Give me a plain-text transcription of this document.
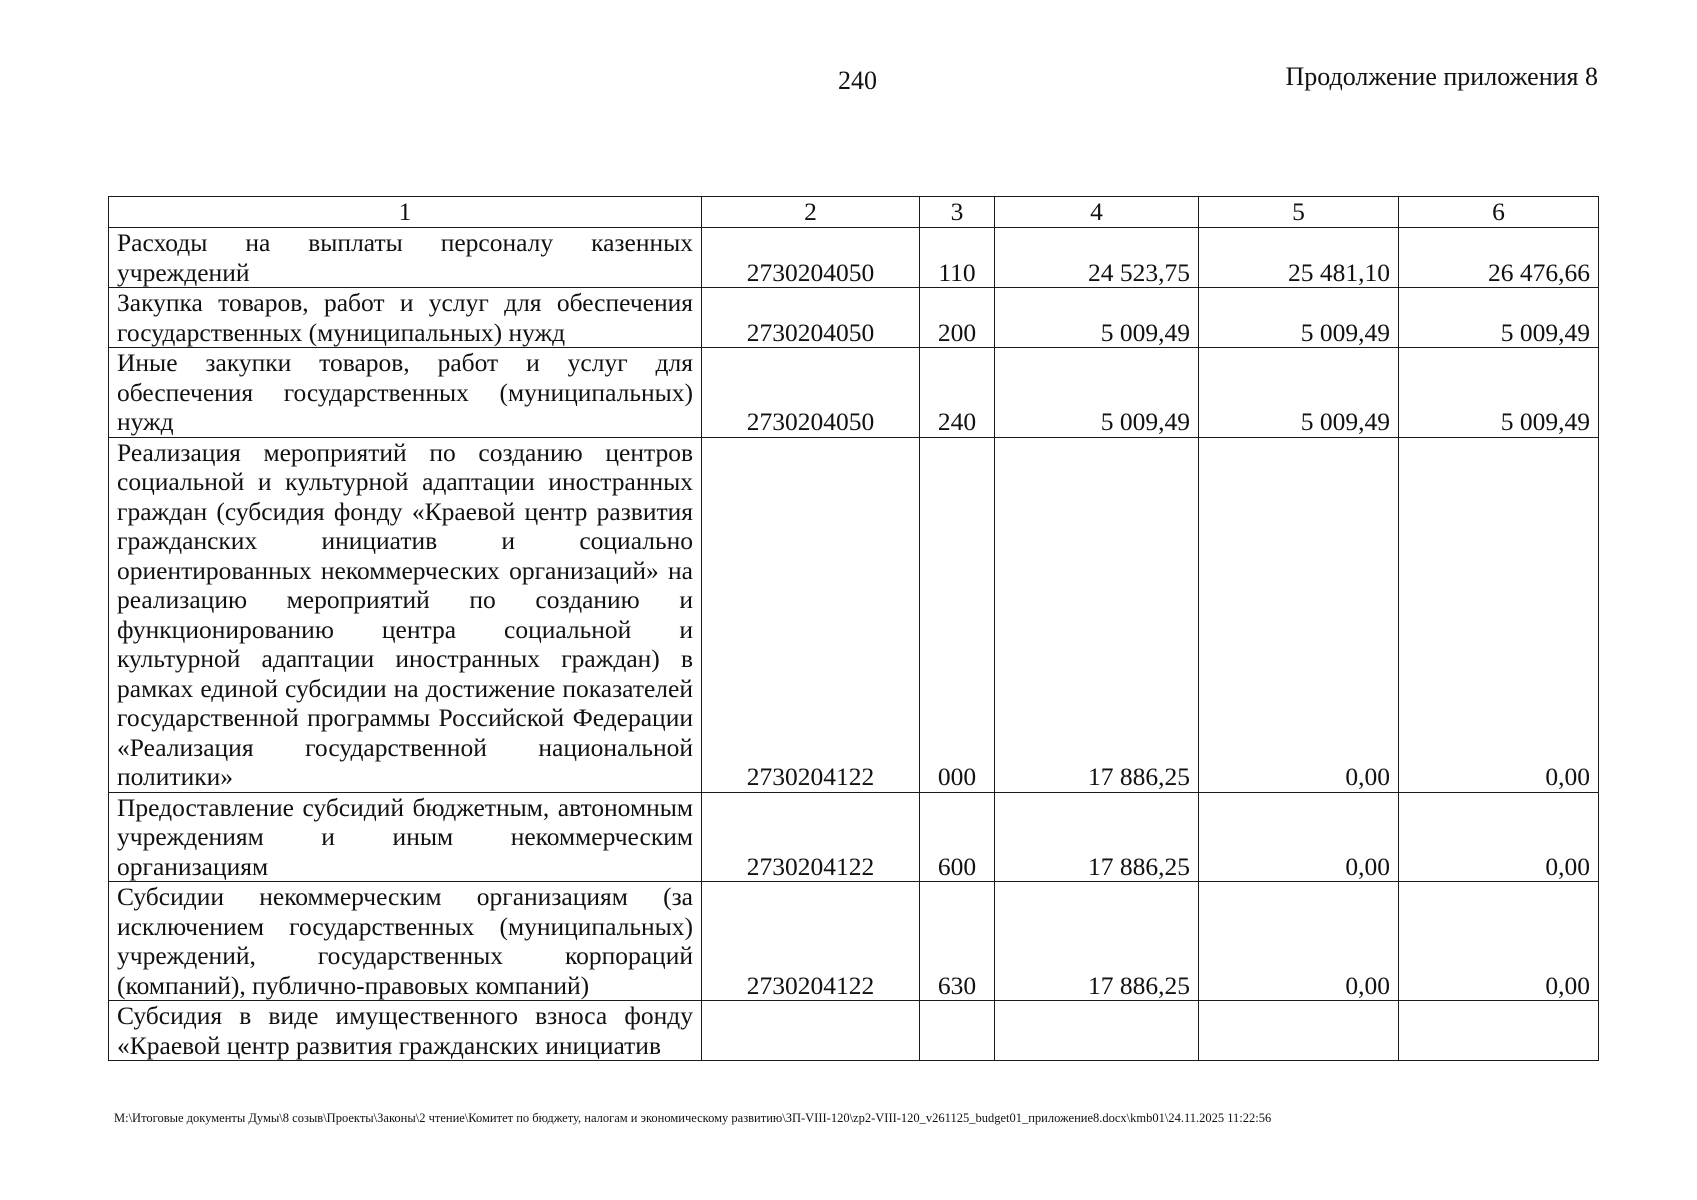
240	Продолжение приложения 8
1	2	3	4	5	6
Расходы на выплаты персоналу казенных учреждений	2730204050	110	24 523,75	25 481,10	26 476,66
Закупка товаров, работ и услуг для обеспечения государственных (муниципальных) нужд	2730204050	200	5 009,49	5 009,49	5 009,49
Иные закупки товаров, работ и услуг для обеспечения государственных (муниципальных) нужд	2730204050	240	5 009,49	5 009,49	5 009,49
Реализация мероприятий по созданию центров социальной и культурной адаптации иностранных граждан (субсидия фонду «Краевой центр развития гражданских инициатив и социально ориентированных некоммерческих организаций» на реализацию мероприятий по созданию и функционированию центра социальной и культурной адаптации иностранных граждан) в рамках единой субсидии на достижение показателей государственной программы Российской Федерации «Реализация государственной национальной политики»	2730204122	000	17 886,25	0,00	0,00
Предоставление субсидий бюджетным, автономным учреждениям и иным некоммерческим организациям	2730204122	600	17 886,25	0,00	0,00
Субсидии некоммерческим организациям (за исключением государственных (муниципальных) учреждений, государственных корпораций (компаний), публично-правовых компаний)	2730204122	630	17 886,25	0,00	0,00
Субсидия в виде имущественного взноса фонду «Краевой центр развития гражданских инициатив					
M:\Итоговые документы Думы\8 созыв\Проекты\Законы\2 чтение\Комитет по бюджету, налогам и экономическому развитию\ЗП-VIII-120\zp2-VIII-120_v261125_budget01_приложение8.docx\kmb01\24.11.2025 11:22:56
